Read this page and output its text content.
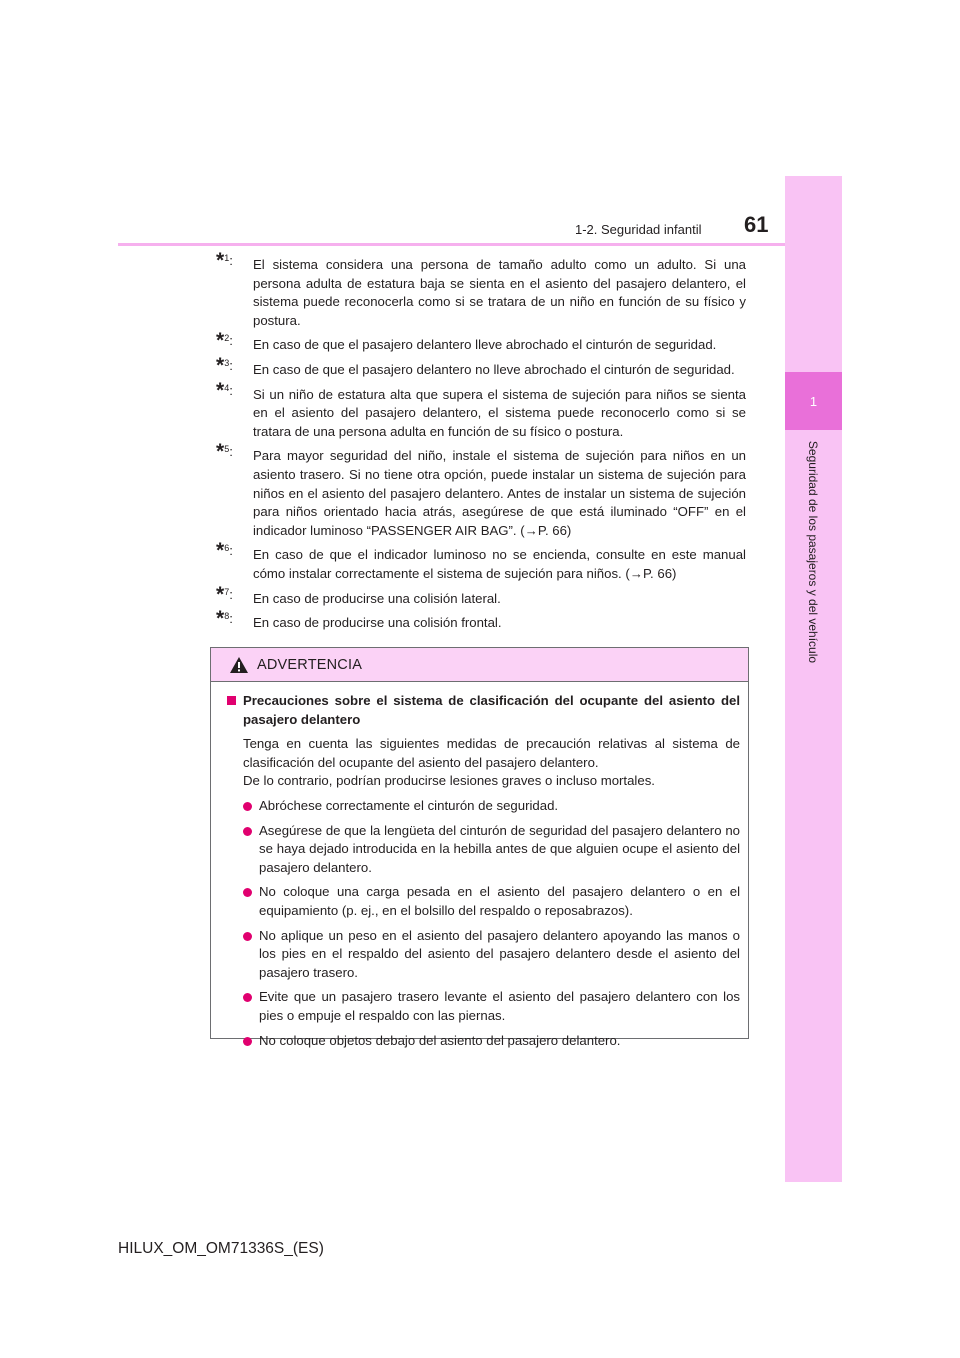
1
Seguridad de los pasajeros y del vehículo
1-2. Seguridad infantil 61
*$^1$: El sistema considera una persona de tamaño adulto como un adulto. Si una persona adulta de estatura baja se sienta en el asiento del pasajero delantero, el sistema puede reconocerla como si se tratara de un niño en función de su físico y postura.
*$^2$: En caso de que el pasajero delantero lleve abrochado el cinturón de seguridad.
*$^3$: En caso de que el pasajero delantero no lleve abrochado el cinturón de seguridad.
*$^4$: Si un niño de estatura alta que supera el sistema de sujeción para niños se sienta en el asiento del pasajero delantero, el sistema puede reconocerlo como si se tratara de una persona adulta en función de su físico o postura.
*$^5$: Para mayor seguridad del niño, instale el sistema de sujeción para niños en un asiento trasero. Si no tiene otra opción, puede instalar un sistema de sujeción para niños en el asiento del pasajero delantero. Antes de instalar un sistema de sujeción para niños orientado hacia atrás, asegúrese de que está iluminado “OFF” en el indicador luminoso “PASSENGER AIR BAG”. (→P. 66)
*$^6$: En caso de que el indicador luminoso no se encienda, consulte en este manual cómo instalar correctamente el sistema de sujeción para niños. (→P. 66)
*$^7$: En caso de producirse una colisión lateral.
*$^8$: En caso de producirse una colisión frontal.
ADVERTENCIA
Precauciones sobre el sistema de clasificación del ocupante del asiento del pasajero delantero
Tenga en cuenta las siguientes medidas de precaución relativas al sistema de clasificación del ocupante del asiento del pasajero delantero.
De lo contrario, podrían producirse lesiones graves o incluso mortales.
Abróchese correctamente el cinturón de seguridad.
Asegúrese de que la lengüeta del cinturón de seguridad del pasajero delantero no se haya dejado introducida en la hebilla antes de que alguien ocupe el asiento del pasajero delantero.
No coloque una carga pesada en el asiento del pasajero delantero o en el equipamiento (p. ej., en el bolsillo del respaldo o reposabrazos).
No aplique un peso en el asiento del pasajero delantero apoyando las manos o los pies en el respaldo del asiento del pasajero delantero desde el asiento del pasajero trasero.
Evite que un pasajero trasero levante el asiento del pasajero delantero con los pies o empuje el respaldo con las piernas.
No coloque objetos debajo del asiento del pasajero delantero.
HILUX_OM_OM71336S_(ES)
